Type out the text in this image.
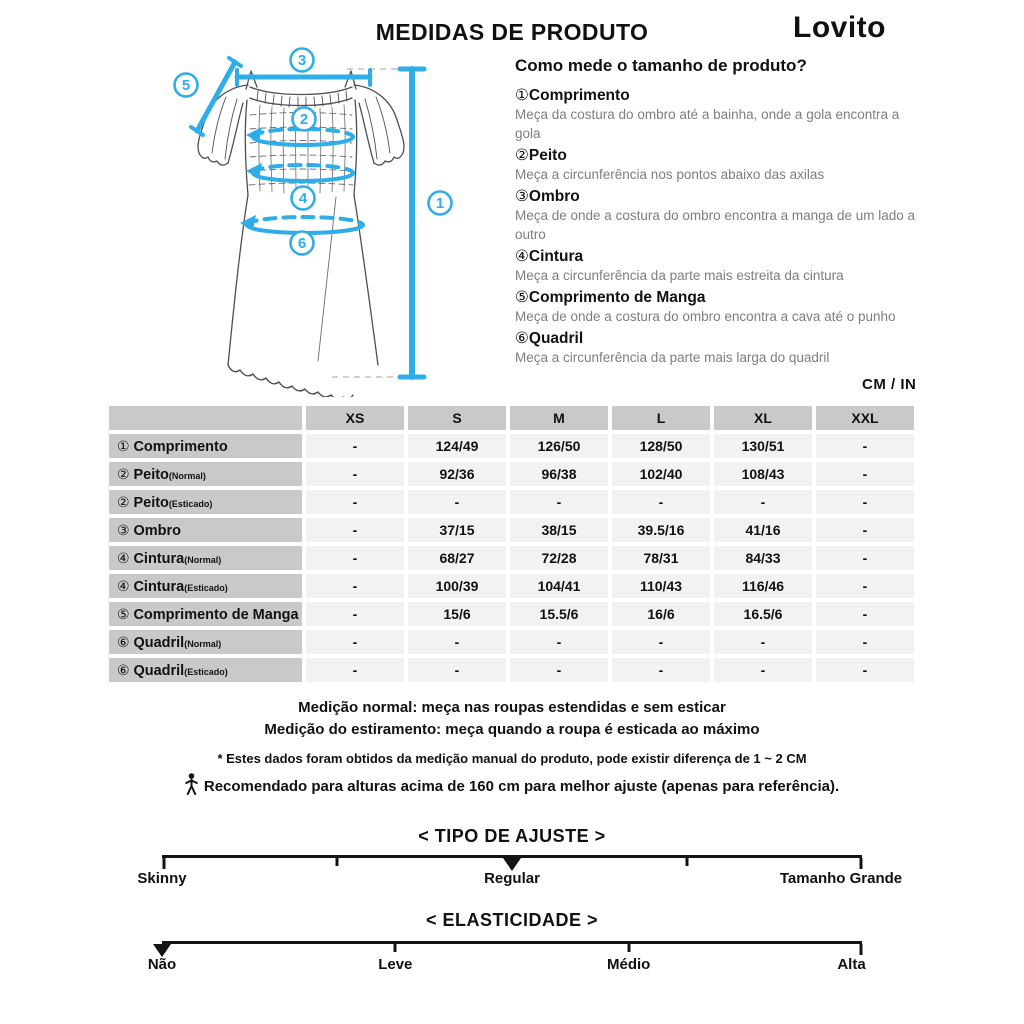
MEDIDAS DE PRODUTO	Lovito
1
2
3
4
5
6
Como mede o tamanho de produto?
①Comprimento

Meça da costura do ombro até a bainha, onde a gola encontra a gola

②Peito

Meça a circunferência nos pontos abaixo das axilas

③Ombro

Meça de onde a costura do ombro encontra a manga de um lado a outro

④Cintura

Meça a circunferência da parte mais estreita da cintura

⑤Comprimento de Manga

Meça de onde a costura do ombro encontra a cava até o punho

⑥Quadril

Meça a circunferência da parte mais larga do quadril

CM / IN
	XS	S	M	L	XL	XXL
① Comprimento	-	124/49	126/50	128/50	130/51	-
② Peito(Normal)	-	92/36	96/38	102/40	108/43	-
② Peito(Esticado)	-	-	-	-	-	-
③ Ombro	-	37/15	38/15	39.5/16	41/16	-
④ Cintura(Normal)	-	68/27	72/28	78/31	84/33	-
④ Cintura(Esticado)	-	100/39	104/41	110/43	116/46	-
⑤ Comprimento de Manga	-	15/6	15.5/6	16/6	16.5/6	-
⑥ Quadril(Normal)	-	-	-	-	-	-
⑥ Quadril(Esticado)	-	-	-	-	-	-
Medição normal: meça nas roupas estendidas e sem esticar
Medição do estiramento: meça quando a roupa é esticada ao máximo
* Estes dados foram obtidos da medição manual do produto, pode existir diferença de 1 ~ 2 CM
Recomendado para alturas acima de 160 cm para melhor ajuste (apenas para referência).
< TIPO DE AJUSTE >
Skinny	Regular	Tamanho Grande
< ELASTICIDADE >
Não	Leve	Médio	Alta
